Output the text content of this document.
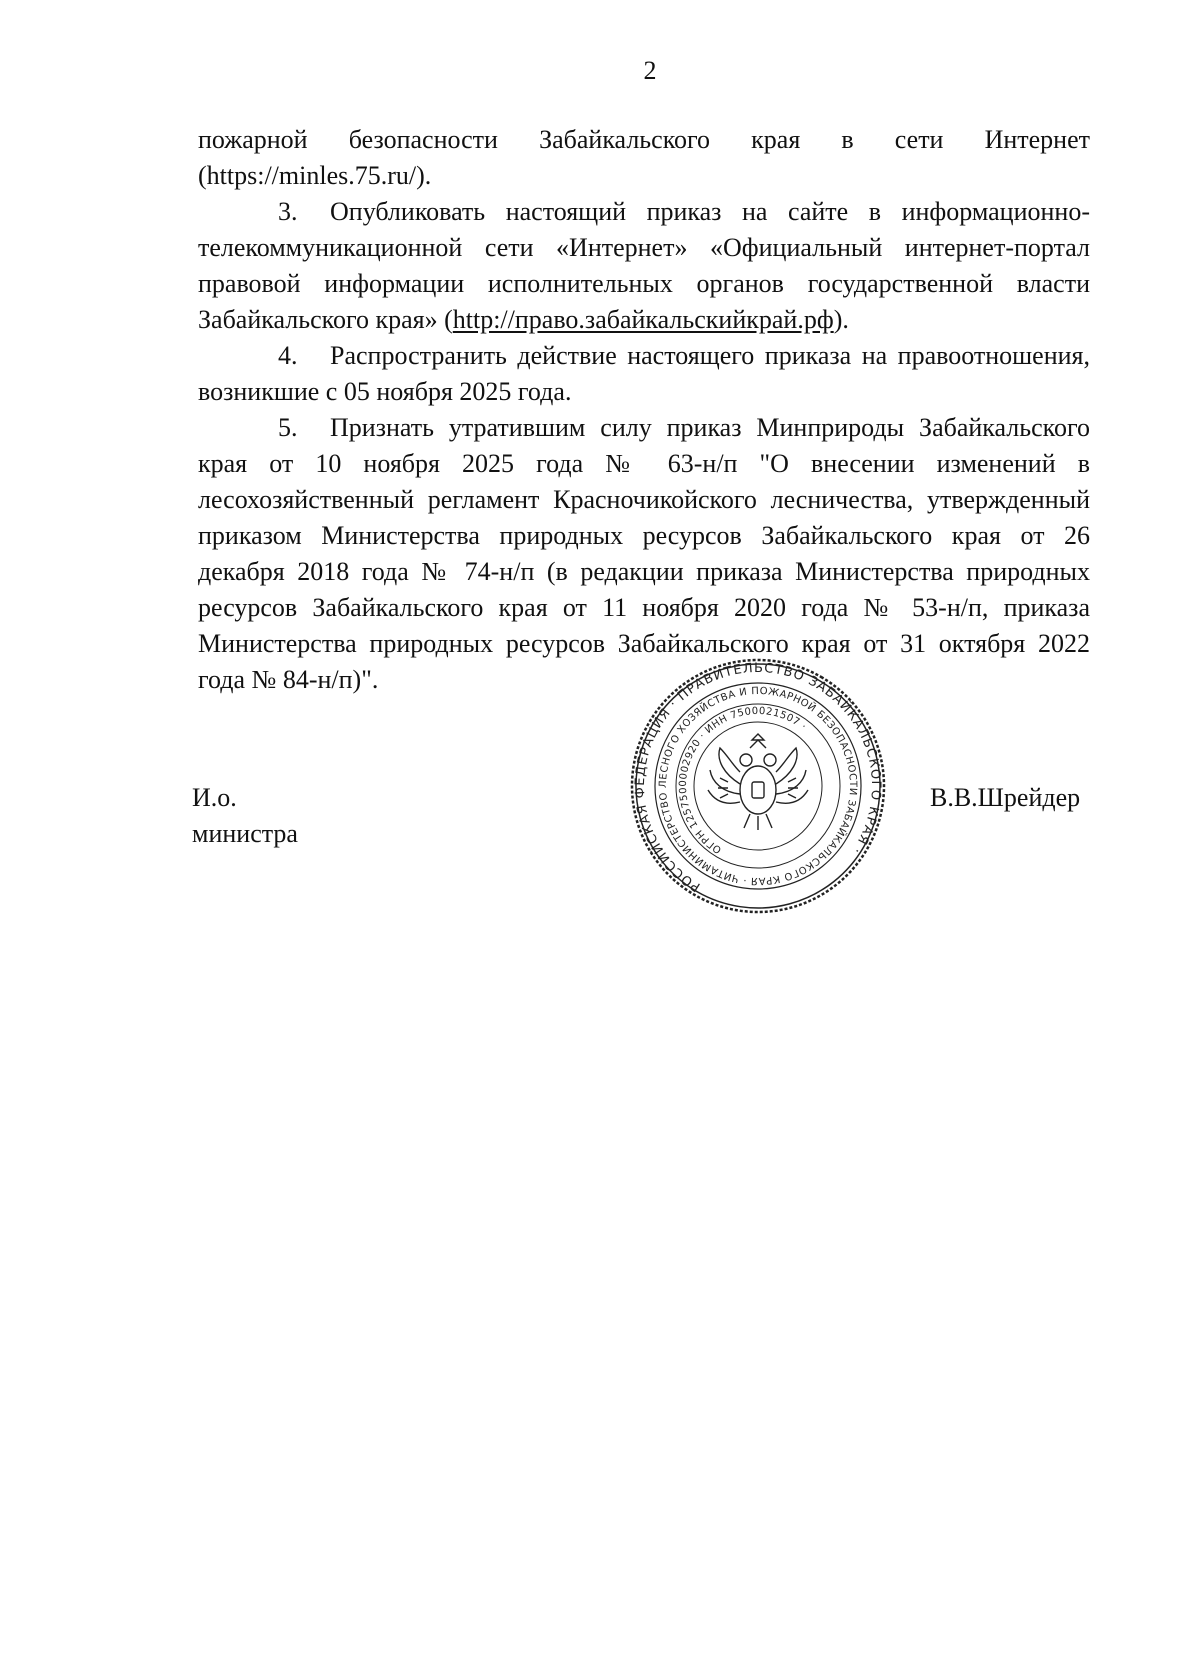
2

пожарной безопасности Забайкальского края в сети Интернет (https://minles.75.ru/).

3. Опубликовать настоящий приказ на сайте в информационно-телекоммуникационной сети «Интернет» «Официальный интернет-портал правовой информации исполнительных органов государственной власти Забайкальского края» (http://право.забайкальскийкрай.рф).

4. Распространить действие настоящего приказа на правоотношения, возникшие с 05 ноября 2025 года.

5. Признать утратившим силу приказ Минприроды Забайкальского края от 10 ноября 2025 года № 63-н/п "О внесении изменений в лесохозяйственный регламент Красночикойского лесничества, утвержденный приказом Министерства природных ресурсов Забайкальского края от 26 декабря 2018 года № 74-н/п (в редакции приказа Министерства природных ресурсов Забайкальского края от 11 ноября 2020 года № 53-н/п, приказа Министерства природных ресурсов Забайкальского края от 31 октября 2022 года № 84-н/п)".

И.о.
министра
РОССИЙСКАЯ ФЕДЕРАЦИЯ · ПРАВИТЕЛЬСТВО ЗАБАЙКАЛЬСКОГО КРАЯ ·
МИНИСТЕРСТВО ЛЕСНОГО ХОЗЯЙСТВА И ПОЖАРНОЙ БЕЗОПАСНОСТИ ЗАБАЙКАЛЬСКОГО КРАЯ · ЧИТА
ОГРН 1257500002920 · ИНН 7500021507 ·
В.В.Шрейдер
